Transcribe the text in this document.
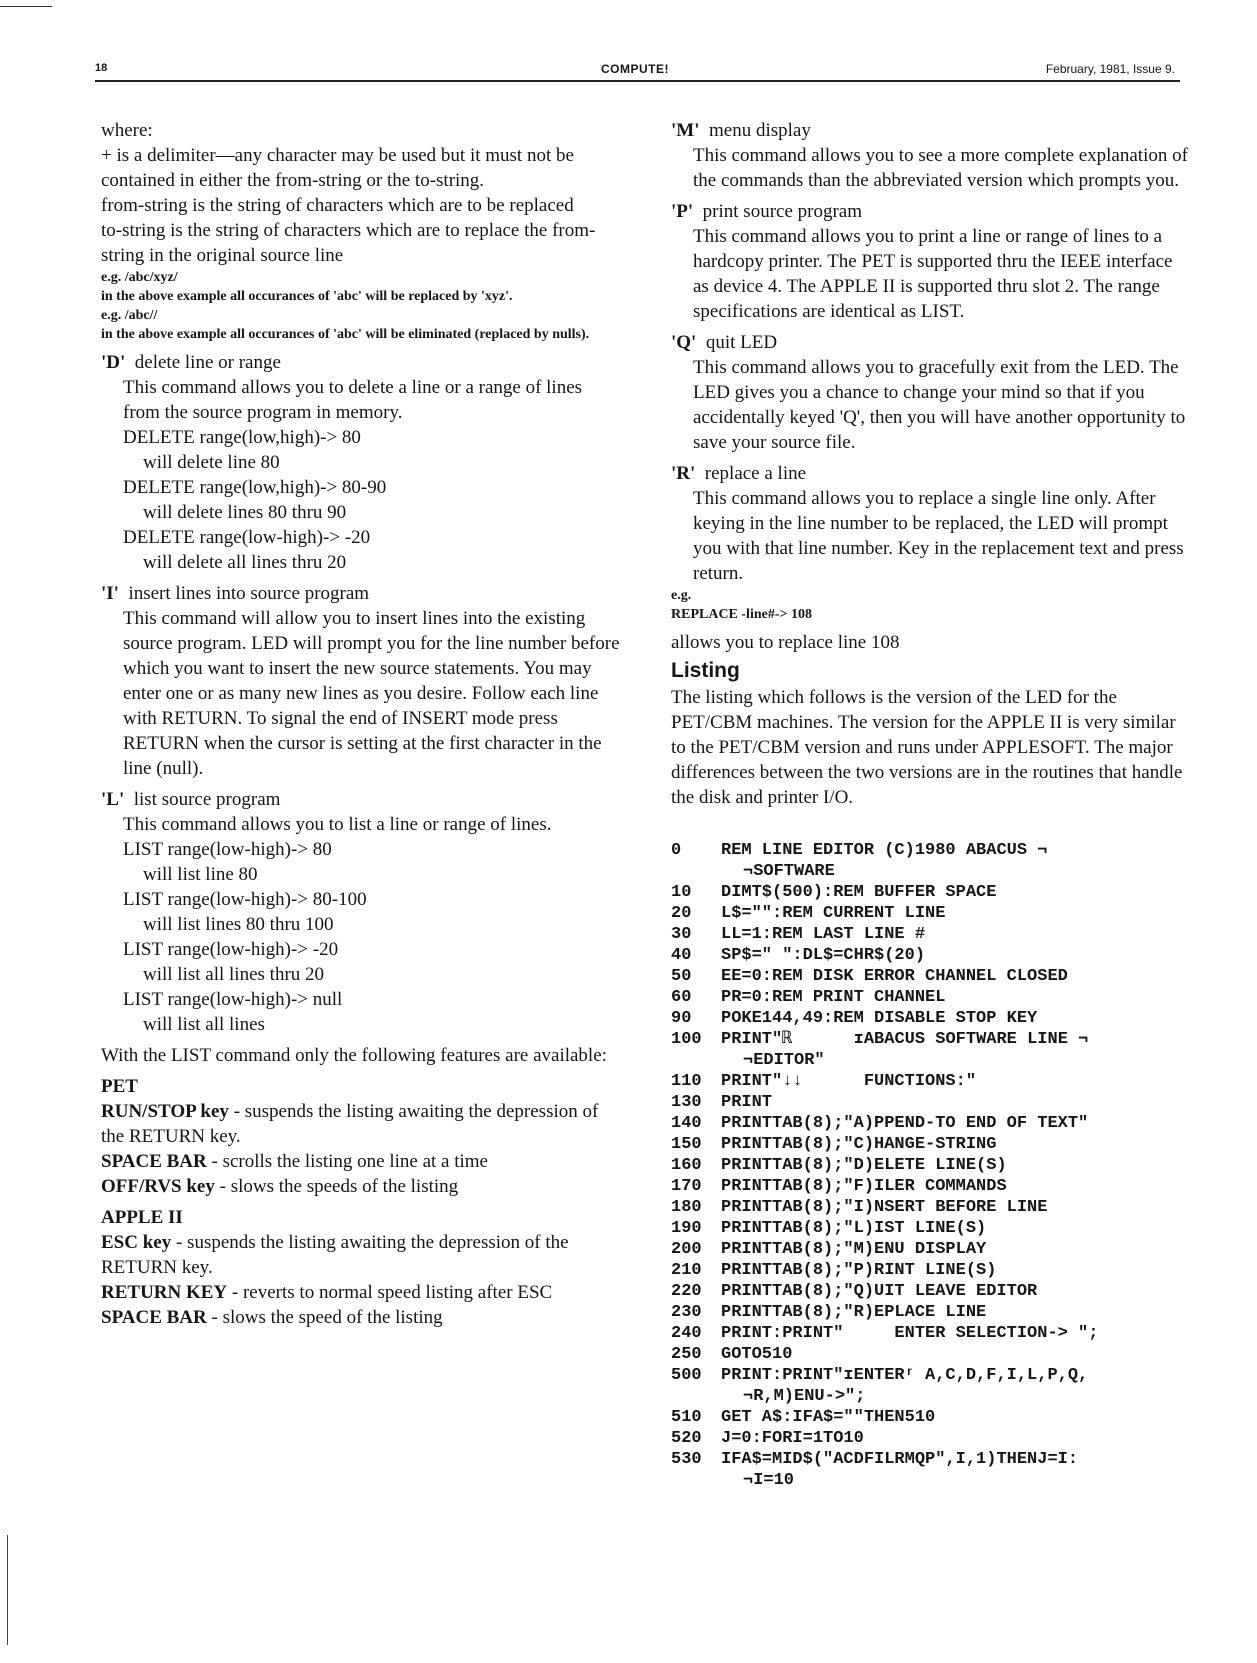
18	COMPUTE!	February, 1981, Issue 9.

where:

+ is a delimiter—any character may be used but it must not be contained in either the from-string or the to-string.

from-string is the string of characters which are to be replaced

to-string is the string of characters which are to replace the from-string in the original source line

e.g. /abc/xyz/

in the above example all occurances of 'abc' will be replaced by 'xyz'.

e.g. /abc//

in the above example all occurances of 'abc' will be eliminated (replaced by nulls).

'D' delete line or range

This command allows you to delete a line or a range of lines from the source program in memory.

DELETE range(low,high)-> 80

will delete line 80

DELETE range(low,high)-> 80-90

will delete lines 80 thru 90

DELETE range(low-high)-> -20

will delete all lines thru 20

'I' insert lines into source program

This command will allow you to insert lines into the existing source program. LED will prompt you for the line number before which you want to insert the new source statements. You may enter one or as many new lines as you desire. Follow each line with RETURN. To signal the end of INSERT mode press RETURN when the cursor is setting at the first character in the line (null).

'L' list source program

This command allows you to list a line or range of lines.

LIST range(low-high)-> 80

will list line 80

LIST range(low-high)-> 80-100

will list lines 80 thru 100

LIST range(low-high)-> -20

will list all lines thru 20

LIST range(low-high)-> null

will list all lines

With the LIST command only the following features are available:

PET

RUN/STOP key - suspends the listing awaiting the depression of the RETURN key.

SPACE BAR - scrolls the listing one line at a time

OFF/RVS key - slows the speeds of the listing

APPLE II

ESC key - suspends the listing awaiting the depression of the RETURN key.

RETURN KEY - reverts to normal speed listing after ESC

SPACE BAR - slows the speed of the listing

'M' menu display

This command allows you to see a more complete explanation of the commands than the abbreviated version which prompts you.

'P' print source program

This command allows you to print a line or range of lines to a hardcopy printer. The PET is supported thru the IEEE interface as device 4. The APPLE II is supported thru slot 2. The range specifications are identical as LIST.

'Q' quit LED

This command allows you to gracefully exit from the LED. The LED gives you a chance to change your mind so that if you accidentally keyed 'Q', then you will have another opportunity to save your source file.

'R' replace a line

This command allows you to replace a single line only. After keying in the line number to be replaced, the LED will prompt you with that line number. Key in the replacement text and press return.

e.g.

REPLACE -line#-> 108

allows you to replace line 108

Listing

The listing which follows is the version of the LED for the PET/CBM machines. The version for the APPLE II is very similar to the PET/CBM version and runs under APPLESOFT. The major differences between the two versions are in the routines that handle the disk and printer I/O.

0	REM LINE EDITOR (C)1980 ABACUS ¬
¬SOFTWARE
10	DIMT$(500):REM BUFFER SPACE
20	L$="":REM CURRENT LINE
30	LL=1:REM LAST LINE #
40	SP$=" ":DL$=CHR$(20)
50	EE=0:REM DISK ERROR CHANNEL CLOSED
60	PR=0:REM PRINT CHANNEL
90	POKE144,49:REM DISABLE STOP KEY
100	PRINT"ℝ      ɪABACUS SOFTWARE LINE ¬
¬EDITOR"
110	PRINT"↓↓      FUNCTIONS:"
130	PRINT
140	PRINTTAB(8);"A)PPEND-TO END OF TEXT"
150	PRINTTAB(8);"C)HANGE-STRING
160	PRINTTAB(8);"D)ELETE LINE(S)
170	PRINTTAB(8);"F)ILER COMMANDS
180	PRINTTAB(8);"I)NSERT BEFORE LINE
190	PRINTTAB(8);"L)IST LINE(S)
200	PRINTTAB(8);"M)ENU DISPLAY
210	PRINTTAB(8);"P)RINT LINE(S)
220	PRINTTAB(8);"Q)UIT LEAVE EDITOR
230	PRINTTAB(8);"R)EPLACE LINE
240	PRINT:PRINT"     ENTER SELECTION-> ";
250	GOTO510
500	PRINT:PRINT"ɪENTERʳ A,C,D,F,I,L,P,Q,
¬R,M)ENU->";
510	GET A$:IFA$=""THEN510
520	J=0:FORI=1TO10
530	IFA$=MID$("ACDFILRMQP",I,1)THENJ=I:
¬I=10
